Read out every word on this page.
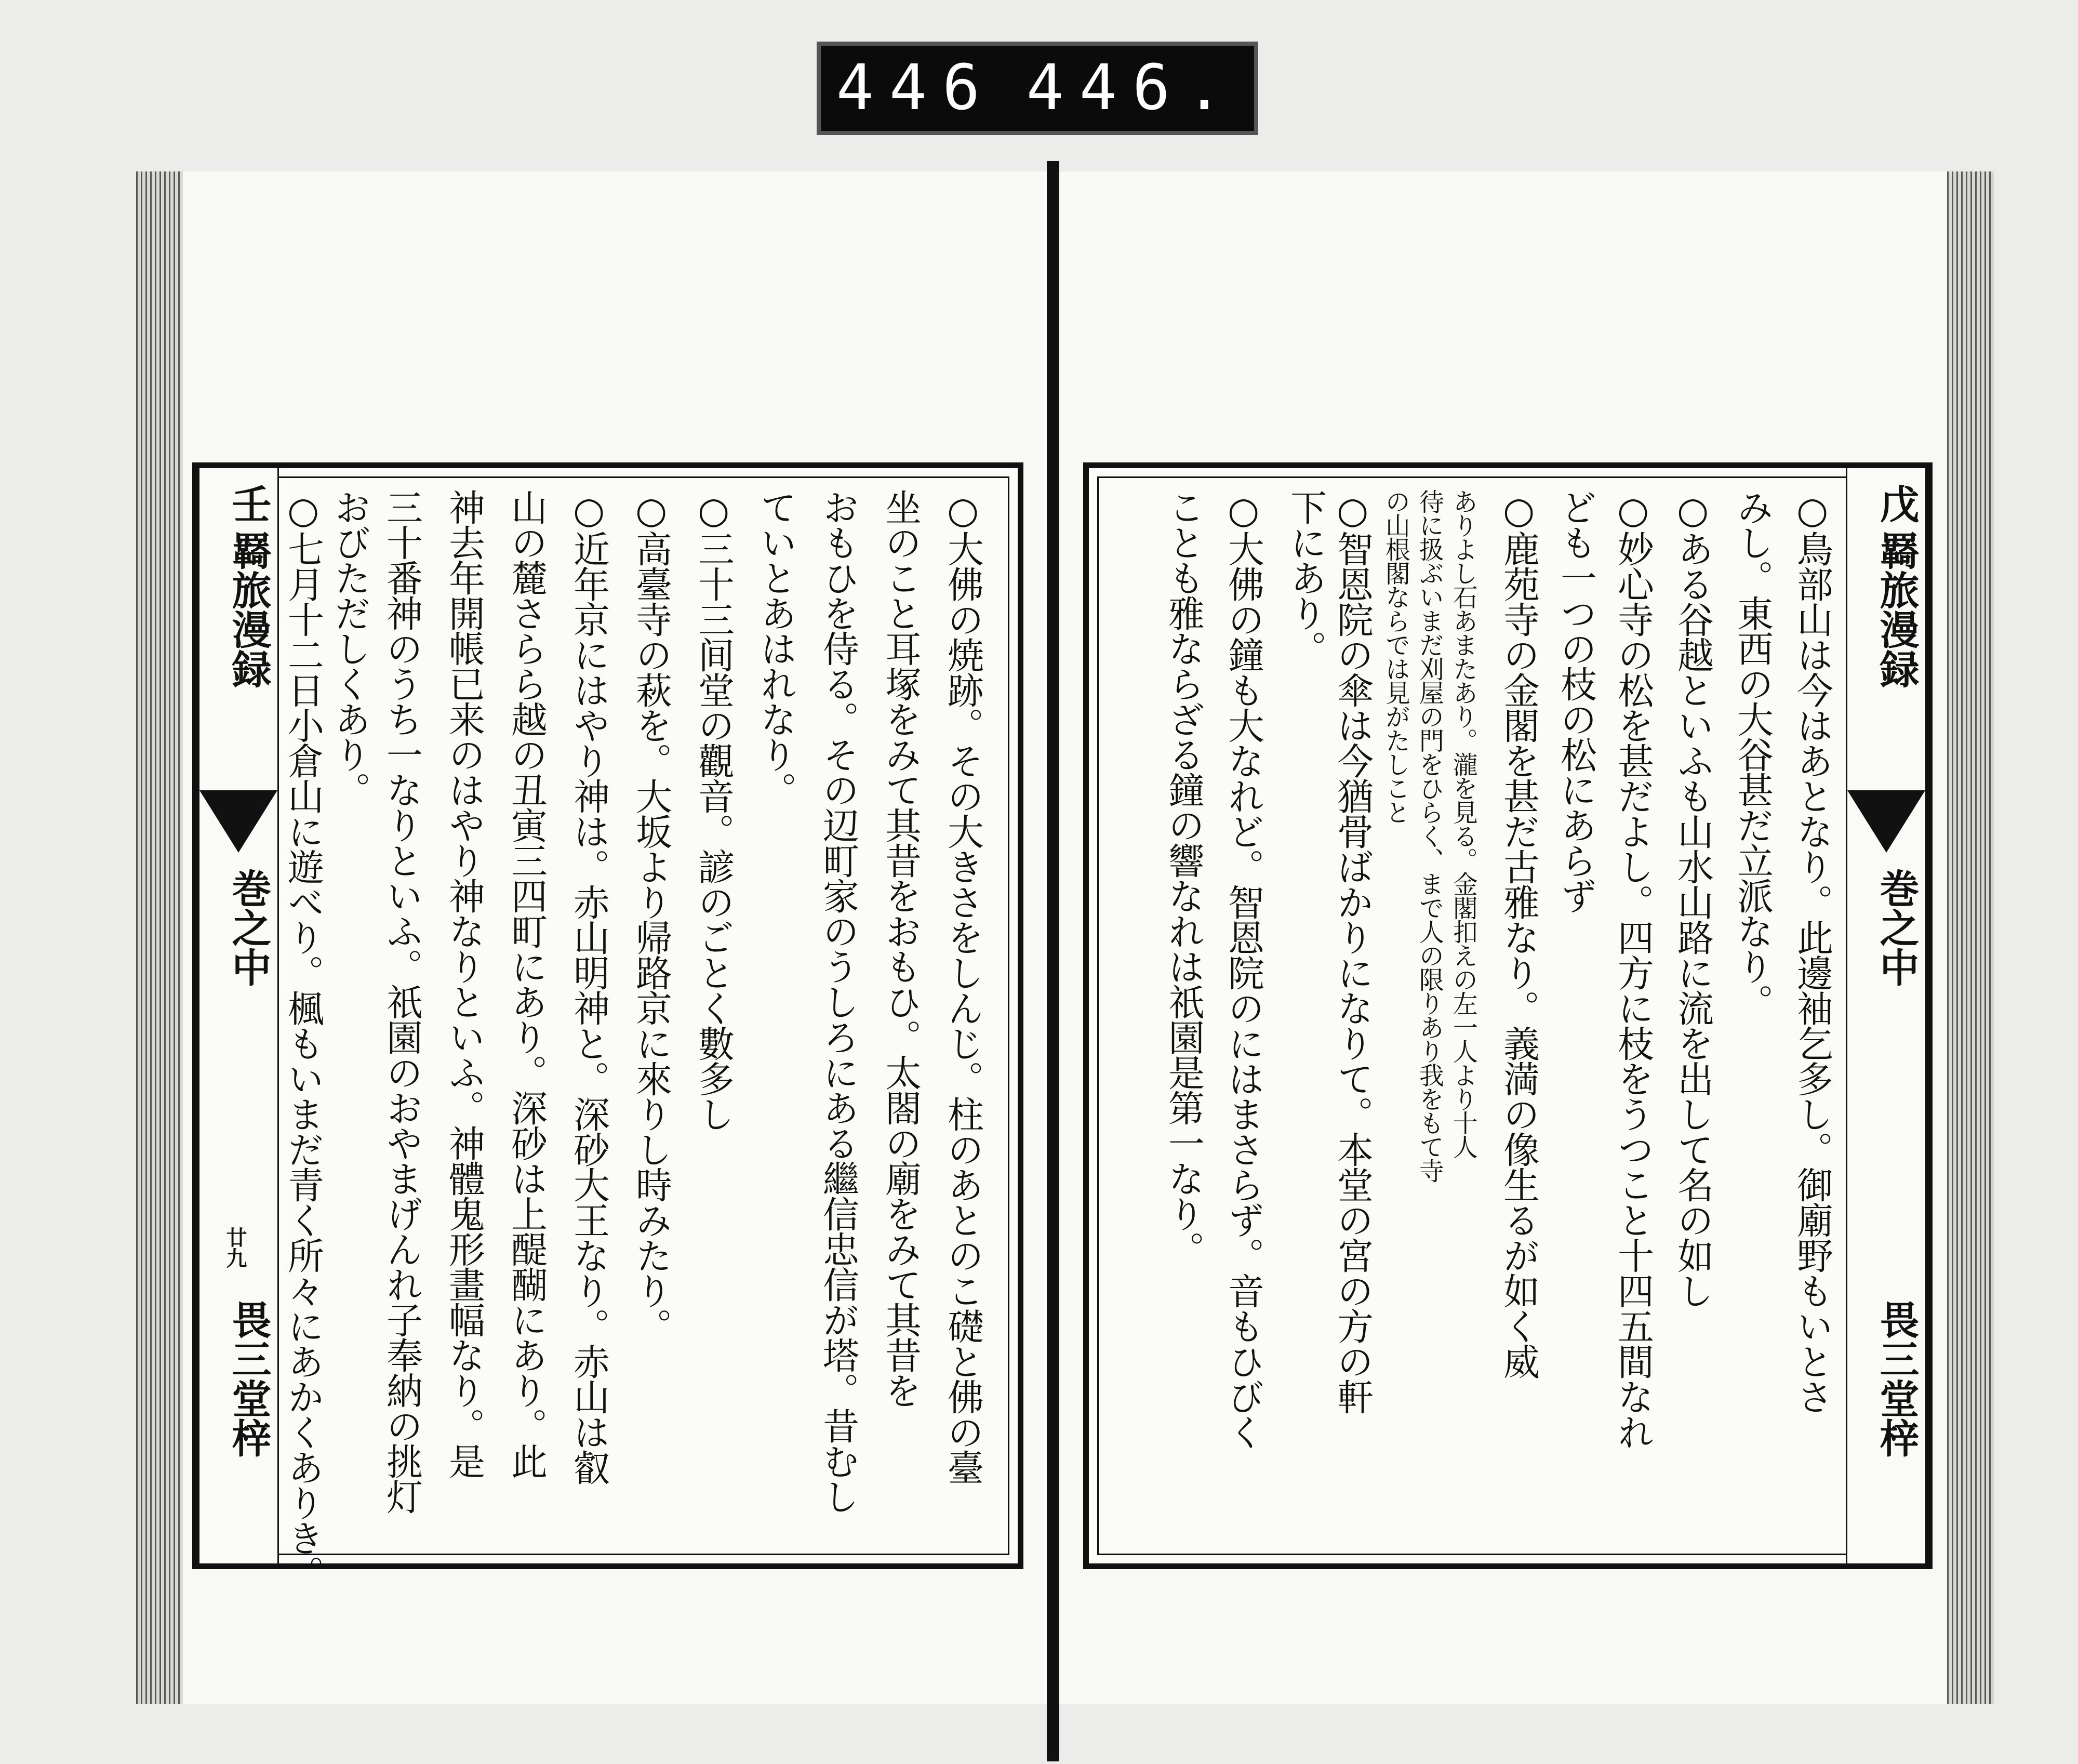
446 446.
壬
羇旅漫録
巻之中
廿九
畏三堂梓	○大佛の焼跡。その大きさをしんじ。柱のあとのこ礎と佛の臺
坐のこと耳塚をみて其昔をおもひ。太閤の廟をみて其昔を
おもひを侍る。その辺町家のうしろにある繼信忠信が塔。昔むし
ていとあはれなり。
○三十三间堂の觀音。諺のごとく數多し
○高臺寺の萩を。大坂より帰路京に來りし時みたり。
○近年京にはやり神は。赤山明神と。深砂大王なり。赤山は叡
山の麓さらら越の丑寅三四町にあり。深砂は上醍醐にあり。此
神去年開帳已来のはやり神なりといふ。神體鬼形畫幅なり。是
三十番神のうち一なりといふ。祇園のおやまげんれ子奉納の挑灯
おびただしくあり。
○七月十二日小倉山に遊べり。楓もいまだ青く所々にあかくありき。	戊
羇旅漫録
巻之中
畏三堂梓
○鳥部山は今はあとなり。此邊袖乞多し。御廟野もいとさ
みし。東西の大谷甚だ立派なり。
○ある谷越といふも山水山路に流を出して名の如し
○妙心寺の松を甚だよし。四方に枝をうつこと十四五間なれ
ども一つの枝の松にあらず
○鹿苑寺の金閣を甚だ古雅なり。義満の像生るが如く威
ありよし石あまたあり。瀧を見る。金閣扣えの左一人より十人
待に扱ぶいまだ刈屋の門をひらく、まで人の限りあり我をもて寺
の山根閣ならでは見がたしこと
○智恩院の傘は今猶骨ばかりになりて。本堂の宮の方の軒
下にあり。
○大佛の鐘も大なれど。智恩院のにはまさらず。音もひびく
ことも雅ならざる鐘の響なれは祇園是第一なり。
